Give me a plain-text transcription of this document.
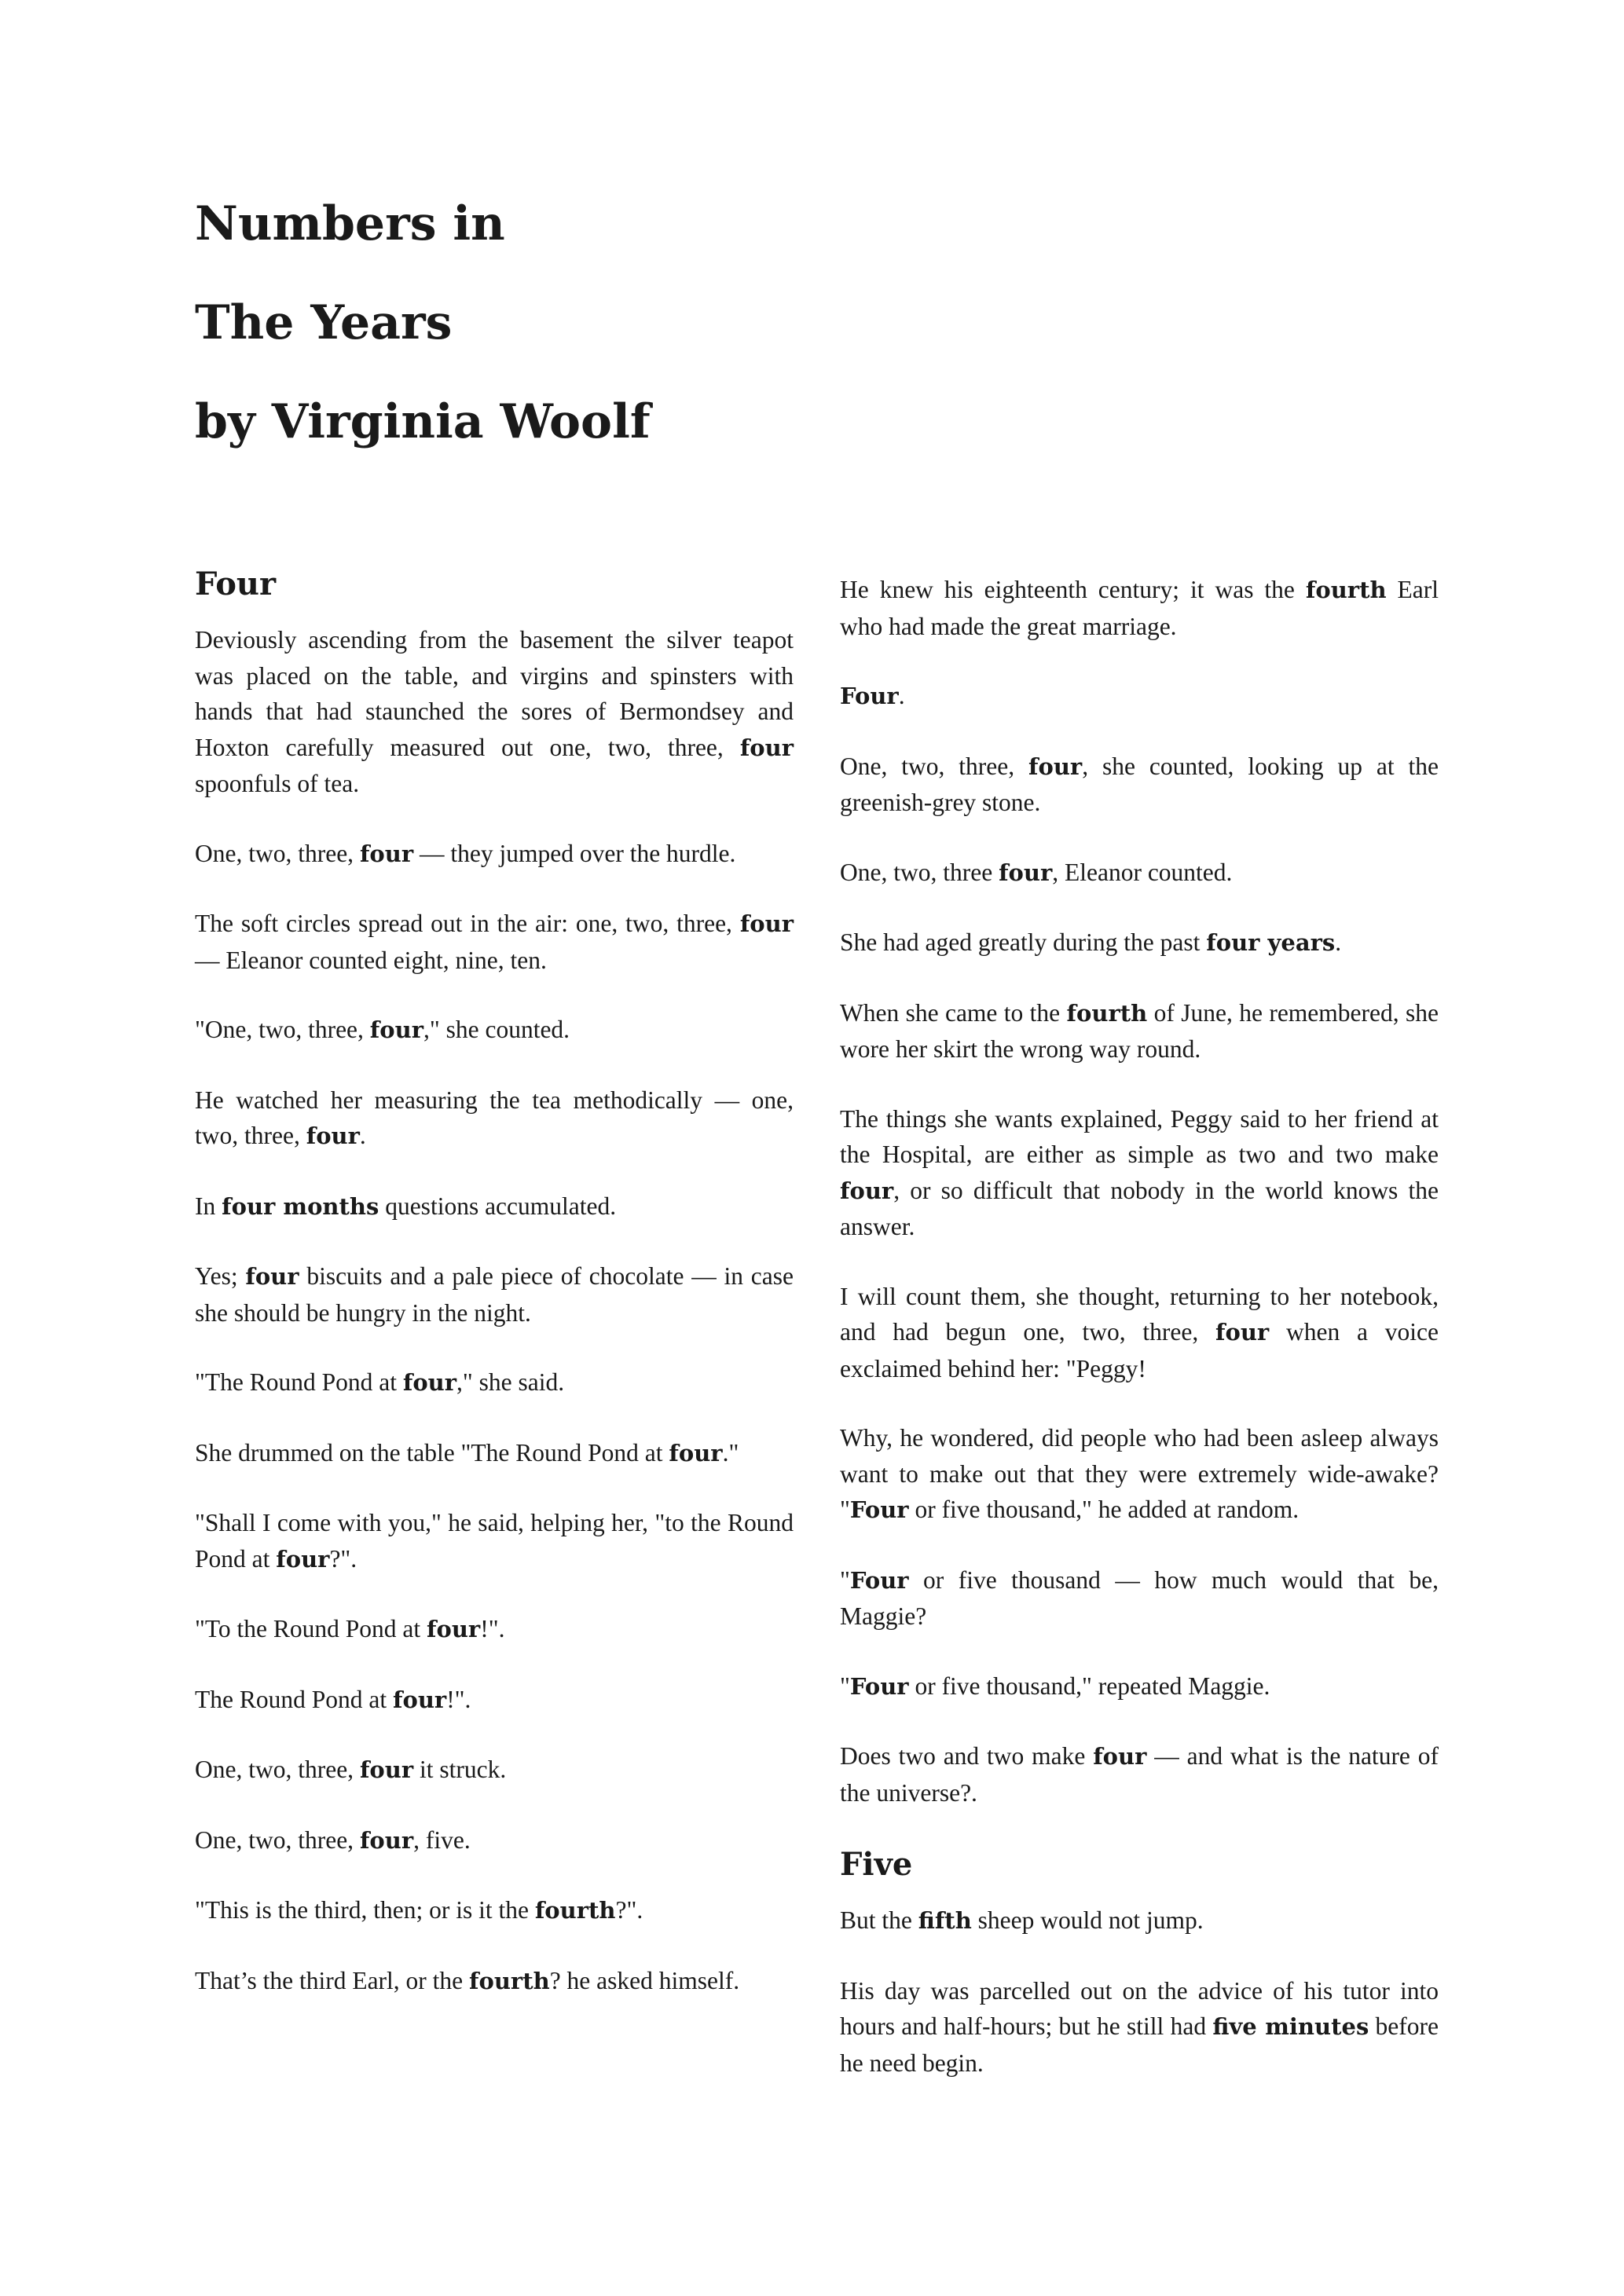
Numbers in
The Years
by Virginia Woolf
Four

Deviously ascending from the basement the silver teapot was placed on the table, and virgins and spinsters with hands that had staunched the sores of Bermondsey and Hoxton carefully measured out one, two, three, four spoonfuls of tea.

One, two, three, four — they jumped over the hurdle.

The soft circles spread out in the air: one, two, three, four — Eleanor counted eight, nine, ten.

"One, two, three, four," she counted.

He watched her measuring the tea methodically — one, two, three, four.

In four months questions accumulated.

Yes; four biscuits and a pale piece of chocolate — in case she should be hungry in the night.

"The Round Pond at four," she said.

She drummed on the table "The Round Pond at four."

"Shall I come with you," he said, helping her, "to the Round Pond at four?".

"To the Round Pond at four!".

The Round Pond at four!".

One, two, three, four it struck.

One, two, three, four, five.

"This is the third, then; or is it the fourth?".

That’s the third Earl, or the fourth? he asked himself.

He knew his eighteenth century; it was the fourth Earl who had made the great marriage.

Four.

One, two, three, four, she counted, looking up at the greenish-grey stone.

One, two, three four, Eleanor counted.

She had aged greatly during the past four years.

When she came to the fourth of June, he remembered, she wore her skirt the wrong way round.

The things she wants explained, Peggy said to her friend at the Hospital, are either as simple as two and two make four, or so difficult that nobody in the world knows the answer.

I will count them, she thought, returning to her notebook, and had begun one, two, three, four when a voice exclaimed behind her: "Peggy!

Why, he wondered, did people who had been asleep always want to make out that they were extremely wide-awake? "Four or five thousand," he added at random.

"Four or five thousand — how much would that be, Maggie?

"Four or five thousand," repeated Maggie.

Does two and two make four — and what is the nature of the universe?.

Five

But the fifth sheep would not jump.

His day was parcelled out on the advice of his tutor into hours and half-hours; but he still had five minutes before he need begin.
